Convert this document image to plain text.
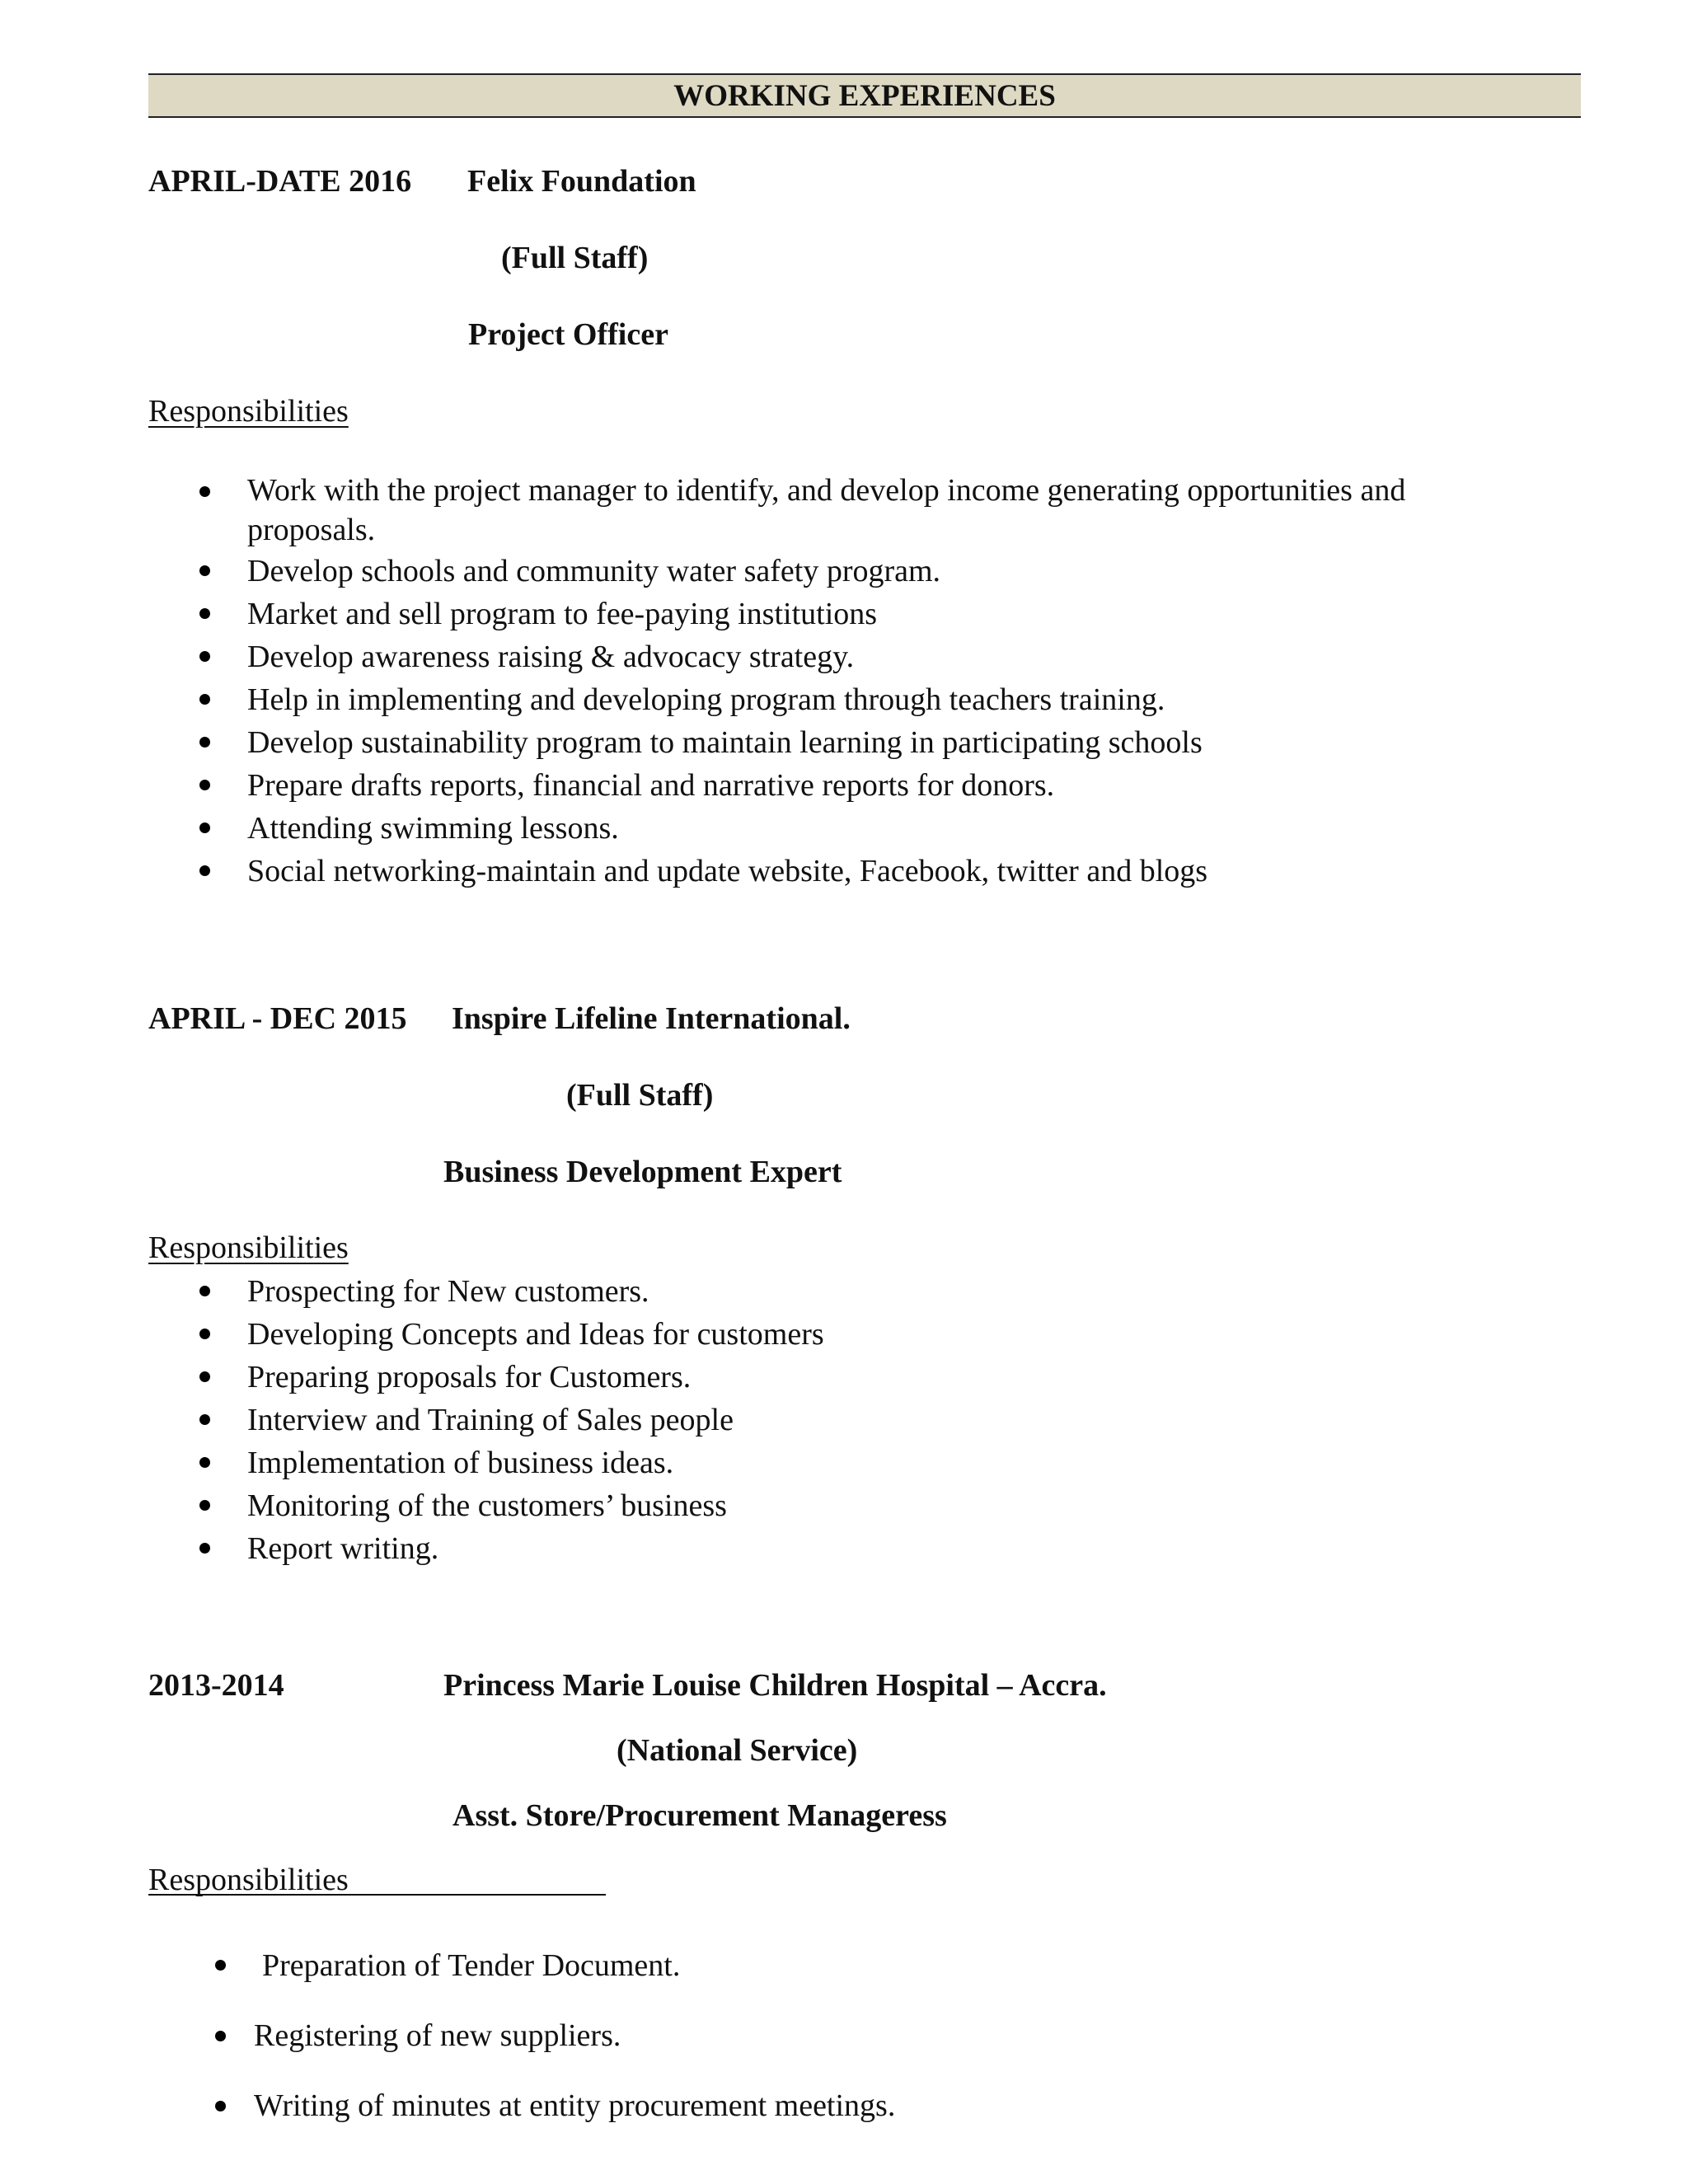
WORKING EXPERIENCES
APRIL-DATE 2016 Felix Foundation
(Full Staff)
Project Officer
Responsibilities
Work with the project manager to identify, and develop income generating opportunities and
proposals.
Develop schools and community water safety program.
Market and sell program to fee-paying institutions
Develop awareness raising & advocacy strategy.
Help in implementing and developing program through teachers training.
Develop sustainability program to maintain learning in participating schools
Prepare drafts reports, financial and narrative reports for donors.
Attending swimming lessons.
Social networking-maintain and update website, Facebook, twitter and blogs
APRIL - DEC 2015 Inspire Lifeline International.
(Full Staff)
Business Development Expert
Responsibilities
Prospecting for New customers.
Developing Concepts and Ideas for customers
Preparing proposals for Customers.
Interview and Training of Sales people
Implementation of business ideas.
Monitoring of the customers’ business
Report writing.
2013-2014	Princess Marie Louise Children Hospital – Accra.
(National Service)
Asst. Store/Procurement Manageress
Responsibilities
Preparation of Tender Document.
Registering of new suppliers.
Writing of minutes at entity procurement meetings.
